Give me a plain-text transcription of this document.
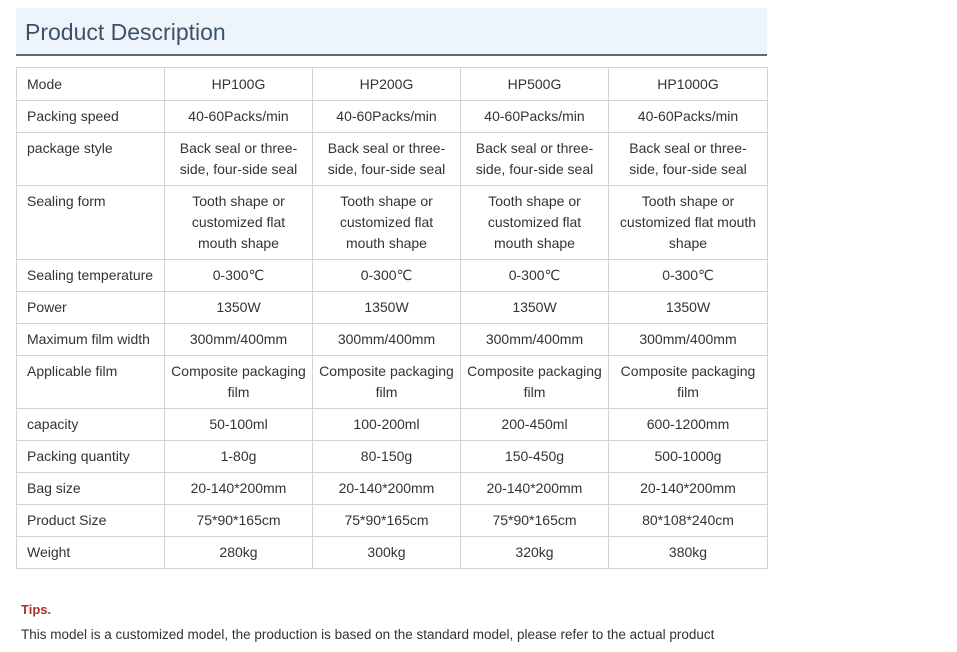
Product Description
Mode	HP100G	HP200G	HP500G	HP1000G
Packing speed	40-60Packs/min	40-60Packs/min	40-60Packs/min	40-60Packs/min
package style	Back seal or three-side, four-side seal	Back seal or three-side, four-side seal	Back seal or three-side, four-side seal	Back seal or three-side, four-side seal
Sealing form	Tooth shape or customized flat mouth shape	Tooth shape or customized flat mouth shape	Tooth shape or customized flat mouth shape	Tooth shape or customized flat mouth shape
Sealing temperature	0-300℃	0-300℃	0-300℃	0-300℃
Power	1350W	1350W	1350W	1350W
Maximum film width	300mm/400mm	300mm/400mm	300mm/400mm	300mm/400mm
Applicable film	Composite packaging film	Composite packaging film	Composite packaging film	Composite packaging film
capacity	50-100ml	100-200ml	200-450ml	600-1200mm
Packing quantity	1-80g	80-150g	150-450g	500-1000g
Bag size	20-140*200mm	20-140*200mm	20-140*200mm	20-140*200mm
Product Size	75*90*165cm	75*90*165cm	75*90*165cm	80*108*240cm
Weight	280kg	300kg	320kg	380kg
Tips.
This model is a customized model, the production is based on the standard model, please refer to the actual product
